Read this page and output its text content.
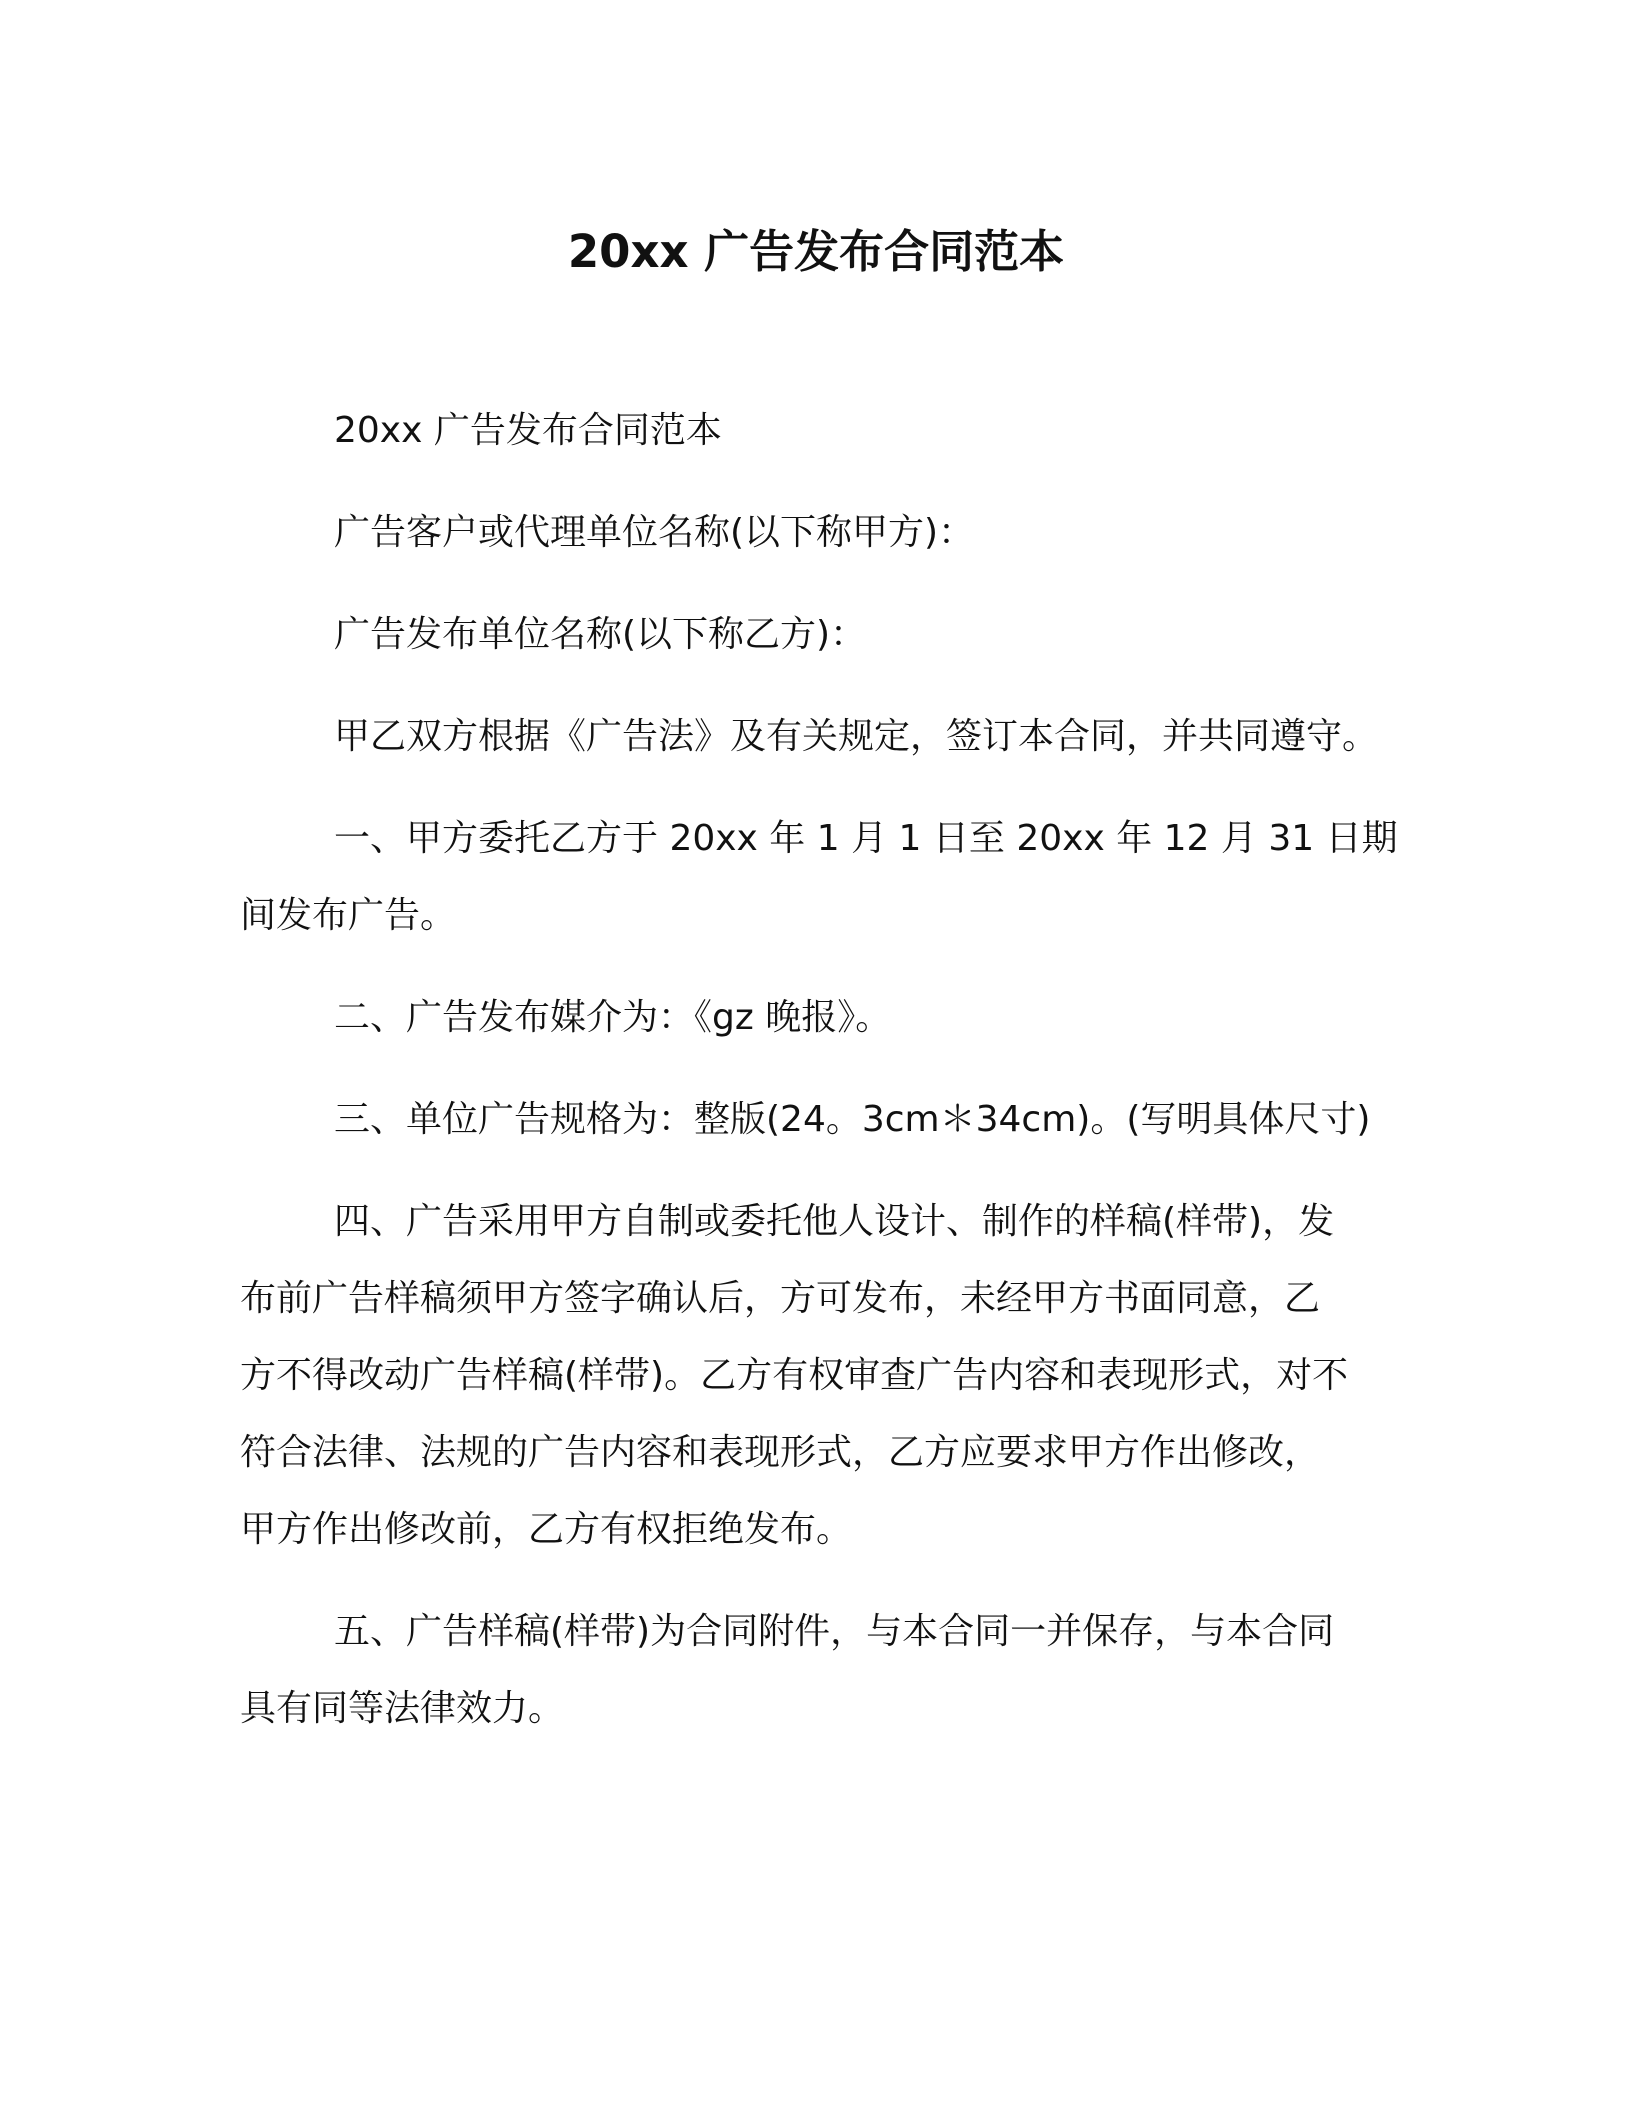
20xx 广告发布合同范本

20xx 广告发布合同范本

广告客户或代理单位名称(以下称甲方)：

广告发布单位名称(以下称乙方)：

甲乙双方根据《广告法》及有关规定，签订本合同，并共同遵守。

一、甲方委托乙方于 20xx 年 1 月 1 日至 20xx 年 12 月 31 日期
间发布广告。

二、广告发布媒介为：《gz 晚报》。

三、单位广告规格为：整版(24。3cm＊34cm)。(写明具体尺寸)

四、广告采用甲方自制或委托他人设计、制作的样稿(样带)，发
布前广告样稿须甲方签字确认后，方可发布，未经甲方书面同意，乙
方不得改动广告样稿(样带)。乙方有权审查广告内容和表现形式，对不
符合法律、法规的广告内容和表现形式，乙方应要求甲方作出修改，
甲方作出修改前，乙方有权拒绝发布。

五、广告样稿(样带)为合同附件，与本合同一并保存，与本合同
具有同等法律效力。
